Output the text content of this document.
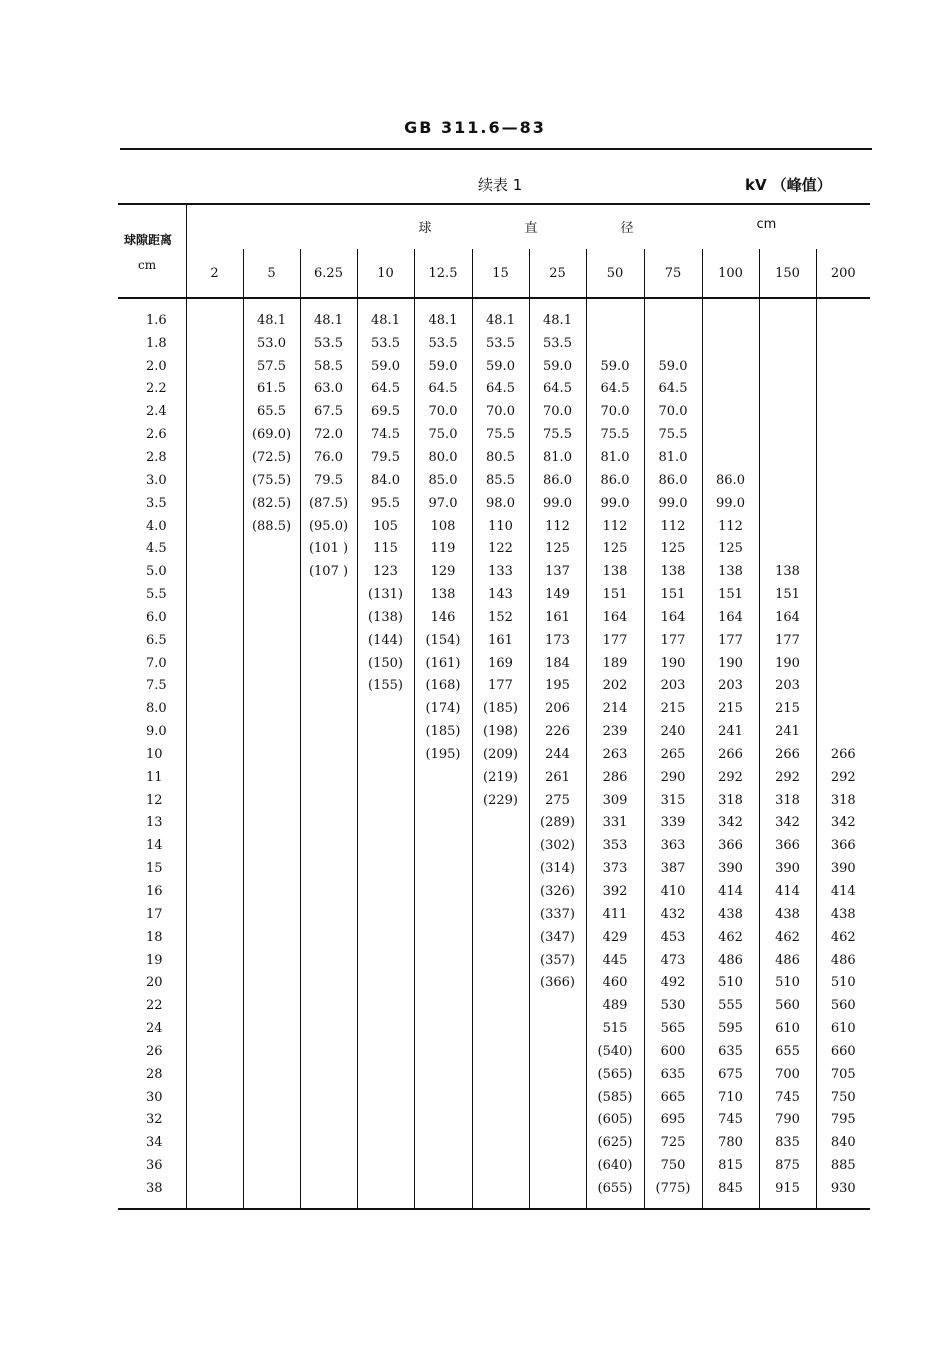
GB 311.6—83
续表 1	kV （峰值）
球隙距离
cm	球 直 径 cm											

	2	5	6.25	10	12.5	15	25	50	75	100	150	200
1.6		48.1	48.1	48.1	48.1	48.1	48.1					
1.8		53.0	53.5	53.5	53.5	53.5	53.5					
2.0		57.5	58.5	59.0	59.0	59.0	59.0	59.0	59.0			
2.2		61.5	63.0	64.5	64.5	64.5	64.5	64.5	64.5			
2.4		65.5	67.5	69.5	70.0	70.0	70.0	70.0	70.0			
2.6		(69.0)	72.0	74.5	75.0	75.5	75.5	75.5	75.5			
2.8		(72.5)	76.0	79.5	80.0	80.5	81.0	81.0	81.0			
3.0		(75.5)	79.5	84.0	85.0	85.5	86.0	86.0	86.0	86.0		
3.5		(82.5)	(87.5)	95.5	97.0	98.0	99.0	99.0	99.0	99.0		
4.0		(88.5)	(95.0)	105	108	110	112	112	112	112		
4.5			(101 )	115	119	122	125	125	125	125		
5.0			(107 )	123	129	133	137	138	138	138	138	
5.5				(131)	138	143	149	151	151	151	151	
6.0				(138)	146	152	161	164	164	164	164	
6.5				(144)	(154)	161	173	177	177	177	177	
7.0				(150)	(161)	169	184	189	190	190	190	
7.5				(155)	(168)	177	195	202	203	203	203	
8.0					(174)	(185)	206	214	215	215	215	
9.0					(185)	(198)	226	239	240	241	241	
10					(195)	(209)	244	263	265	266	266	266
11						(219)	261	286	290	292	292	292
12						(229)	275	309	315	318	318	318
13							(289)	331	339	342	342	342
14							(302)	353	363	366	366	366
15							(314)	373	387	390	390	390
16							(326)	392	410	414	414	414
17							(337)	411	432	438	438	438
18							(347)	429	453	462	462	462
19							(357)	445	473	486	486	486
20							(366)	460	492	510	510	510
22								489	530	555	560	560
24								515	565	595	610	610
26								(540)	600	635	655	660
28								(565)	635	675	700	705
30								(585)	665	710	745	750
32								(605)	695	745	790	795
34								(625)	725	780	835	840
36								(640)	750	815	875	885
38								(655)	(775)	845	915	930
